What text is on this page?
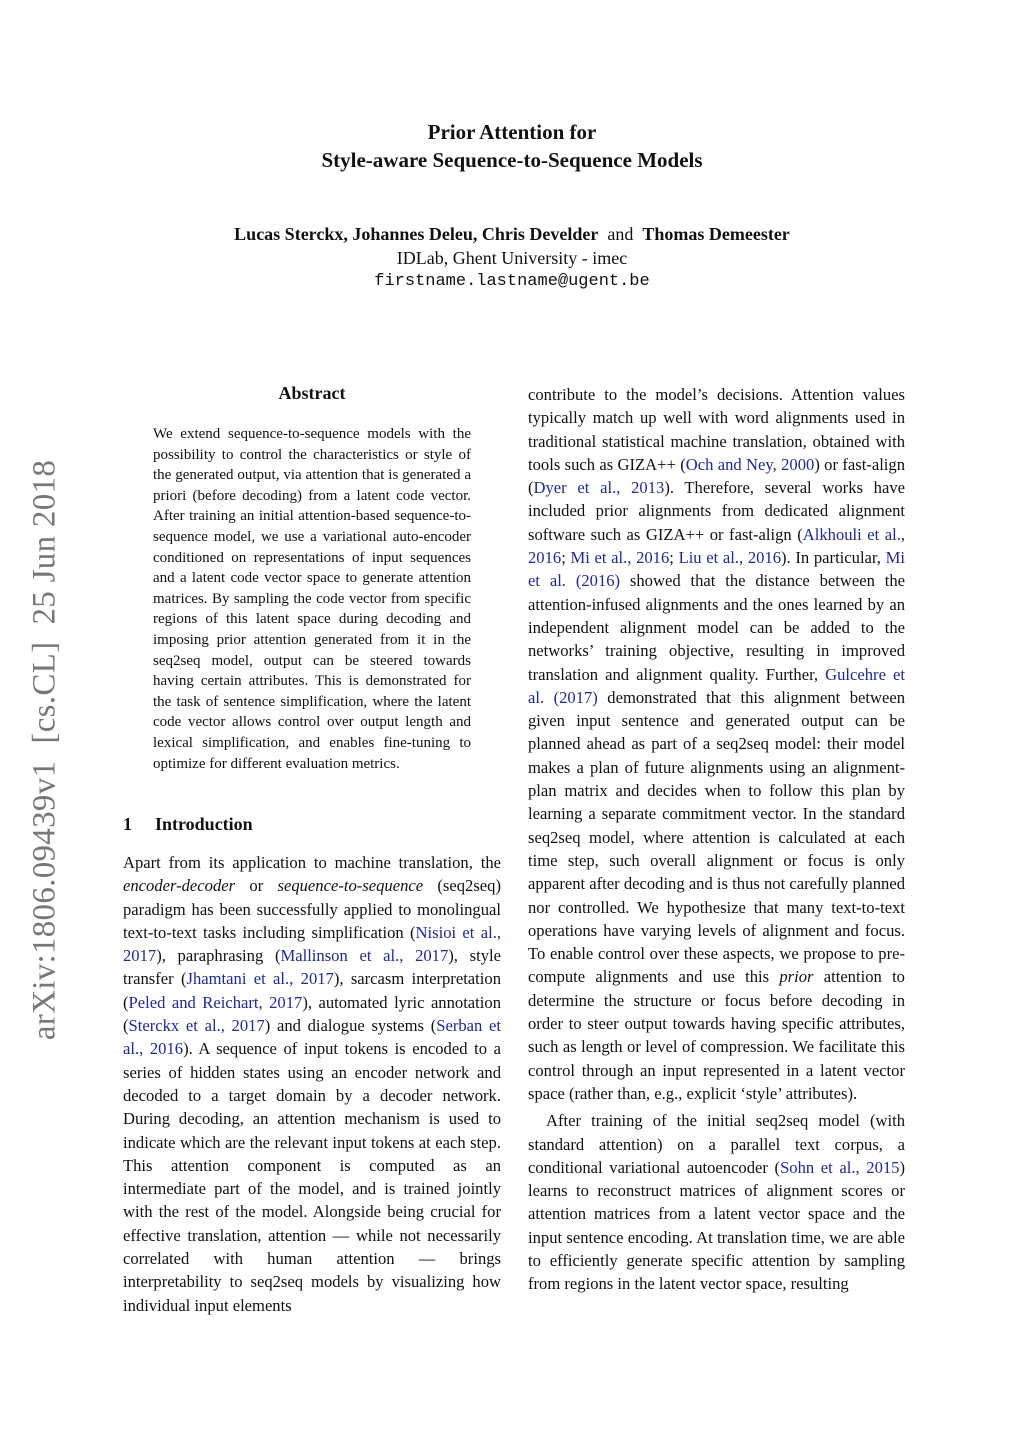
Prior Attention for
Style-aware Sequence-to-Sequence Models
Lucas Sterckx, Johannes Deleu, Chris Develder and Thomas Demeester
IDLab, Ghent University - imec
firstname.lastname@ugent.be
arXiv:1806.09439v1  [cs.CL]  25 Jun 2018
Abstract
We extend sequence-to-sequence models with the possibility to control the characteristics or style of the generated output, via attention that is generated a priori (before decoding) from a latent code vector. After training an initial attention-based sequence-to-sequence model, we use a variational auto-encoder conditioned on representations of input sequences and a latent code vector space to generate attention matrices. By sampling the code vector from specific regions of this latent space during decoding and imposing prior attention generated from it in the seq2seq model, output can be steered towards having certain attributes. This is demonstrated for the task of sentence simplification, where the latent code vector allows control over output length and lexical simplification, and enables fine-tuning to optimize for different evaluation metrics.
1 Introduction

Apart from its application to machine translation, the encoder-decoder or sequence-to-sequence (seq2seq) paradigm has been successfully applied to monolingual text-to-text tasks including simplification (Nisioi et al., 2017), paraphrasing (Mallinson et al., 2017), style transfer (Jhamtani et al., 2017), sarcasm interpretation (Peled and Reichart, 2017), automated lyric annotation (Sterckx et al., 2017) and dialogue systems (Serban et al., 2016). A sequence of input tokens is encoded to a series of hidden states using an encoder network and decoded to a target domain by a decoder network. During decoding, an attention mechanism is used to indicate which are the relevant input tokens at each step. This attention component is computed as an intermediate part of the model, and is trained jointly with the rest of the model. Alongside being crucial for effective translation, attention — while not necessarily correlated with human attention — brings interpretability to seq2seq models by visualizing how individual input elements

contribute to the model’s decisions. Attention values typically match up well with word alignments used in traditional statistical machine translation, obtained with tools such as GIZA++ (Och and Ney, 2000) or fast-align (Dyer et al., 2013). Therefore, several works have included prior alignments from dedicated alignment software such as GIZA++ or fast-align (Alkhouli et al., 2016; Mi et al., 2016; Liu et al., 2016). In particular, Mi et al. (2016) showed that the distance between the attention-infused alignments and the ones learned by an independent alignment model can be added to the networks’ training objective, resulting in improved translation and alignment quality. Further, Gulcehre et al. (2017) demonstrated that this alignment between given input sentence and generated output can be planned ahead as part of a seq2seq model: their model makes a plan of future alignments using an alignment-plan matrix and decides when to follow this plan by learning a separate commitment vector. In the standard seq2seq model, where attention is calculated at each time step, such overall alignment or focus is only apparent after decoding and is thus not carefully planned nor controlled. We hypothesize that many text-to-text operations have varying levels of alignment and focus. To enable control over these aspects, we propose to pre-compute alignments and use this prior attention to determine the structure or focus before decoding in order to steer output towards having specific attributes, such as length or level of compression. We facilitate this control through an input represented in a latent vector space (rather than, e.g., explicit ‘style’ attributes).

After training of the initial seq2seq model (with standard attention) on a parallel text corpus, a conditional variational autoencoder (Sohn et al., 2015) learns to reconstruct matrices of alignment scores or attention matrices from a latent vector space and the input sentence encoding. At translation time, we are able to efficiently generate specific attention by sampling from regions in the latent vector space, resulting
